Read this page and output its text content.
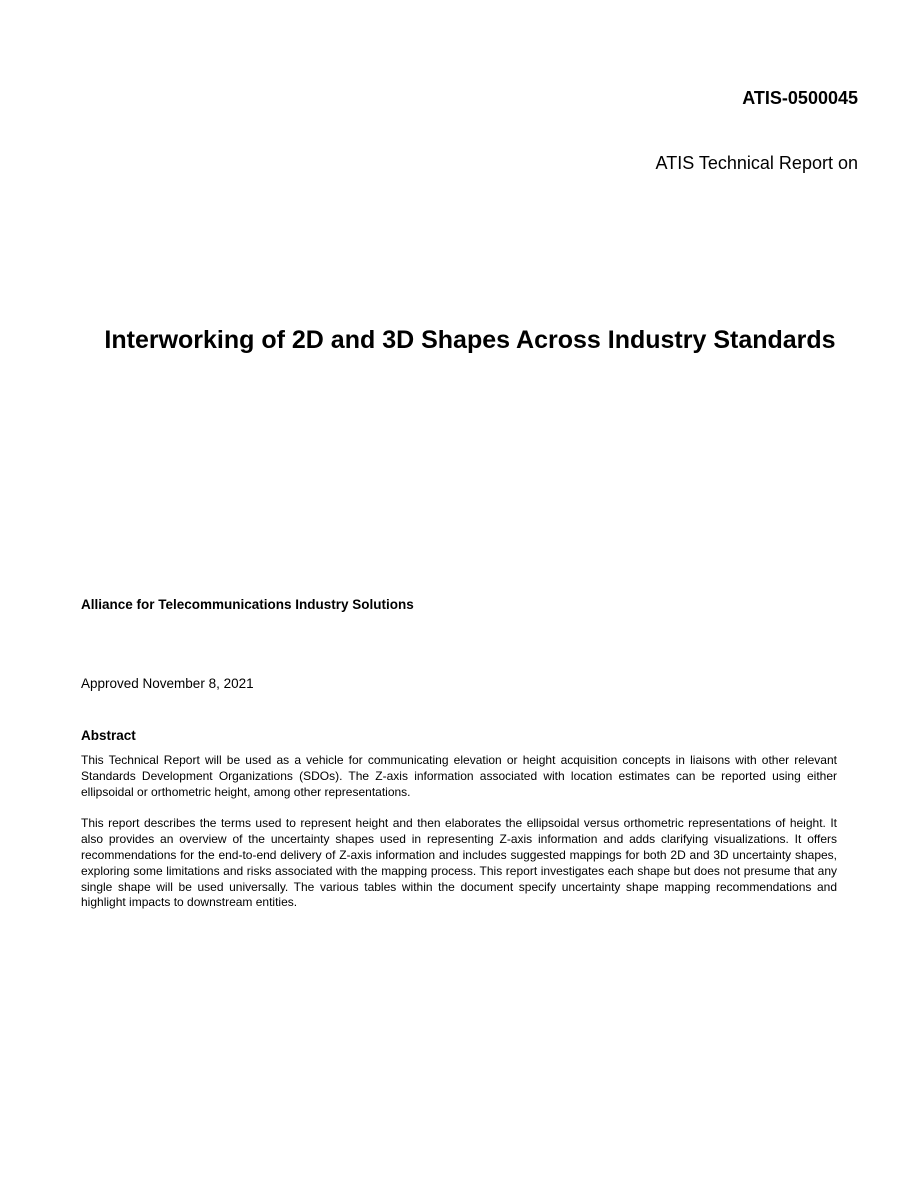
ATIS-0500045
ATIS Technical Report on
Interworking of 2D and 3D Shapes Across Industry Standards
Alliance for Telecommunications Industry Solutions
Approved November 8, 2021
Abstract

This Technical Report will be used as a vehicle for communicating elevation or height acquisition concepts in liaisons with other relevant Standards Development Organizations (SDOs). The Z-axis information associated with location estimates can be reported using either ellipsoidal or orthometric height, among other representations.

This report describes the terms used to represent height and then elaborates the ellipsoidal versus orthometric representations of height. It also provides an overview of the uncertainty shapes used in representing Z-axis information and adds clarifying visualizations. It offers recommendations for the end-to-end delivery of Z-axis information and includes suggested mappings for both 2D and 3D uncertainty shapes, exploring some limitations and risks associated with the mapping process. This report investigates each shape but does not presume that any single shape will be used universally. The various tables within the document specify uncertainty shape mapping recommendations and highlight impacts to downstream entities.
